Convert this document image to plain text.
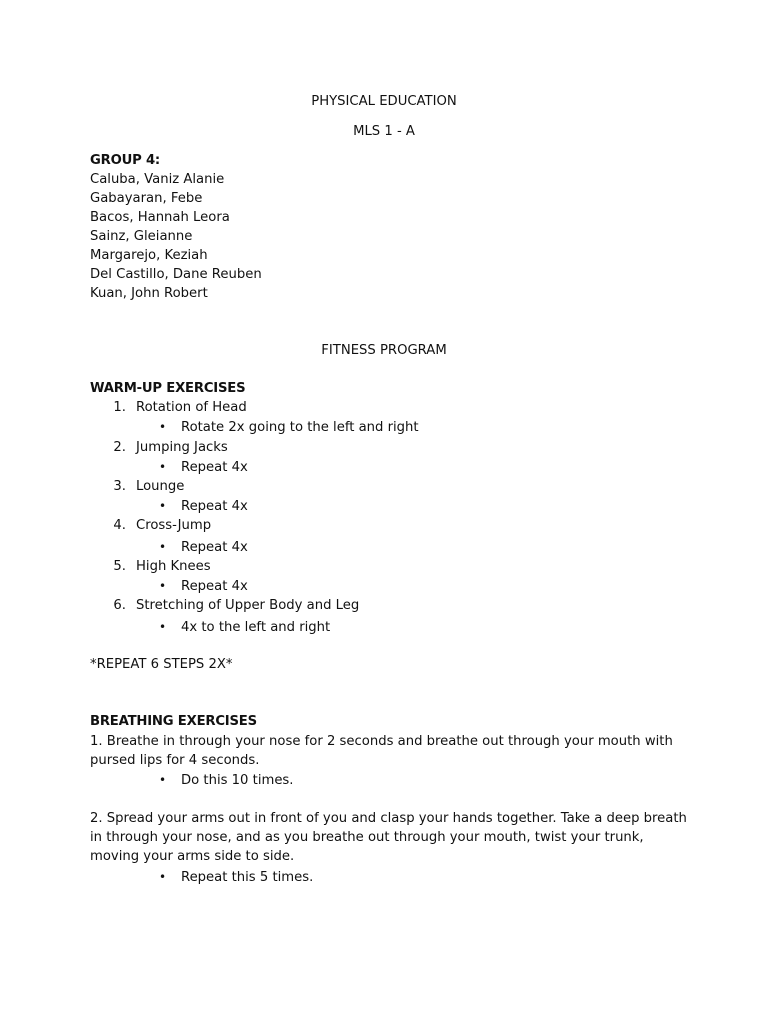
PHYSICAL EDUCATION
MLS 1 - A
GROUP 4:
Caluba, Vaniz Alanie
Gabayaran, Febe
Bacos, Hannah Leora
Sainz, Gleianne
Margarejo, Keziah
Del Castillo, Dane Reuben
Kuan, John Robert
FITNESS PROGRAM
WARM-UP EXERCISES
1. Rotation of Head
• Rotate 2x going to the left and right
2. Jumping Jacks
• Repeat 4x
3. Lounge
• Repeat 4x
4. Cross-Jump
• Repeat 4x
5. High Knees
• Repeat 4x
6. Stretching of Upper Body and Leg
• 4x to the left and right
*REPEAT 6 STEPS 2X*
BREATHING EXERCISES
1. Breathe in through your nose for 2 seconds and breathe out through your mouth with
pursed lips for 4 seconds.
• Do this 10 times.
2. Spread your arms out in front of you and clasp your hands together. Take a deep breath
in through your nose, and as you breathe out through your mouth, twist your trunk,
moving your arms side to side.
• Repeat this 5 times.
